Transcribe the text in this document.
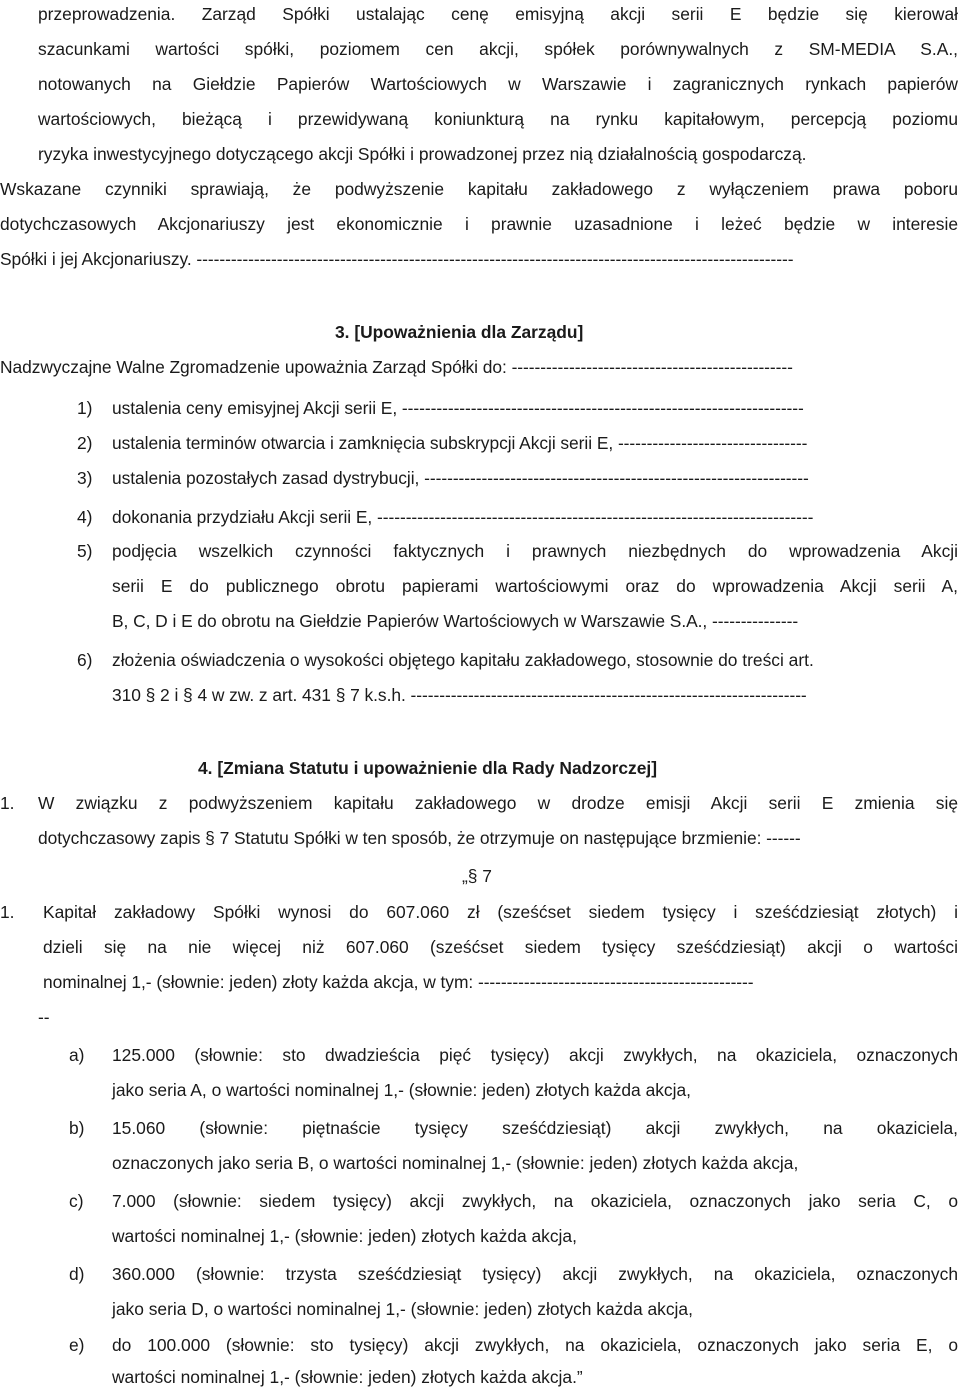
przeprowadzenia. Zarząd Spółki ustalając cenę emisyjną akcji serii E będzie się kierował
szacunkami wartości spółki, poziomem cen akcji, spółek porównywalnych z SM-MEDIA S.A.,
notowanych na Giełdzie Papierów Wartościowych w Warszawie i zagranicznych rynkach papierów
wartościowych, bieżącą i przewidywaną koniunkturą na rynku kapitałowym, percepcją poziomu
ryzyka inwestycyjnego dotyczącego akcji Spółki i prowadzonej przez nią działalnością gospodarczą.
Wskazane czynniki sprawiają, że podwyższenie kapitału zakładowego z wyłączeniem prawa poboru
dotychczasowych Akcjonariuszy jest ekonomicznie i prawnie uzasadnione i leżeć będzie w interesie
Spółki i jej Akcjonariuszy. --------------------------------------------------------------------------------------------------------
3. [Upoważnienia dla Zarządu]
Nadzwyczajne Walne Zgromadzenie upoważnia Zarząd Spółki do: -------------------------------------------------
1) ustalenia ceny emisyjnej Akcji serii E, ----------------------------------------------------------------------
2) ustalenia terminów otwarcia i zamknięcia subskrypcji Akcji serii E, ---------------------------------
3) ustalenia pozostałych zasad dystrybucji, -------------------------------------------------------------------
4) dokonania przydziału Akcji serii E, ----------------------------------------------------------------------------
5) podjęcia wszelkich czynności faktycznych i prawnych niezbędnych do wprowadzenia Akcji
serii E do publicznego obrotu papierami wartościowymi oraz do wprowadzenia Akcji serii A,
B, C, D i E do obrotu na Giełdzie Papierów Wartościowych w Warszawie S.A., ---------------
6) złożenia oświadczenia o wysokości objętego kapitału zakładowego, stosownie do treści art.
310 § 2 i § 4 w zw. z art. 431 § 7 k.s.h. ---------------------------------------------------------------------
4. [Zmiana Statutu i upoważnienie dla Rady Nadzorczej]
1. W związku z podwyższeniem kapitału zakładowego w drodze emisji Akcji serii E zmienia się
dotychczasowy zapis § 7 Statutu Spółki w ten sposób, że otrzymuje on następujące brzmienie: ------
„§ 7
1. Kapitał zakładowy Spółki wynosi do 607.060 zł (sześćset siedem tysięcy i sześćdziesiąt złotych) i
dzieli się na nie więcej niż 607.060 (sześćset siedem tysięcy sześćdziesiąt) akcji o wartości
nominalnej 1,- (słownie: jeden) złoty każda akcja, w tym: ------------------------------------------------
--
a) 125.000 (słownie: sto dwadzieścia pięć tysięcy) akcji zwykłych, na okaziciela, oznaczonych
jako seria A, o wartości nominalnej 1,- (słownie: jeden) złotych każda akcja,
b) 15.060 (słownie: piętnaście tysięcy sześćdziesiąt) akcji zwykłych, na okaziciela,
oznaczonych jako seria B, o wartości nominalnej 1,- (słownie: jeden) złotych każda akcja,
c) 7.000 (słownie: siedem tysięcy) akcji zwykłych, na okaziciela, oznaczonych jako seria C, o
wartości nominalnej 1,- (słownie: jeden) złotych każda akcja,
d) 360.000 (słownie: trzysta sześćdziesiąt tysięcy) akcji zwykłych, na okaziciela, oznaczonych
jako seria D, o wartości nominalnej 1,- (słownie: jeden) złotych każda akcja,
e) do 100.000 (słownie: sto tysięcy) akcji zwykłych, na okaziciela, oznaczonych jako seria E, o
wartości nominalnej 1,- (słownie: jeden) złotych każda akcja.”
